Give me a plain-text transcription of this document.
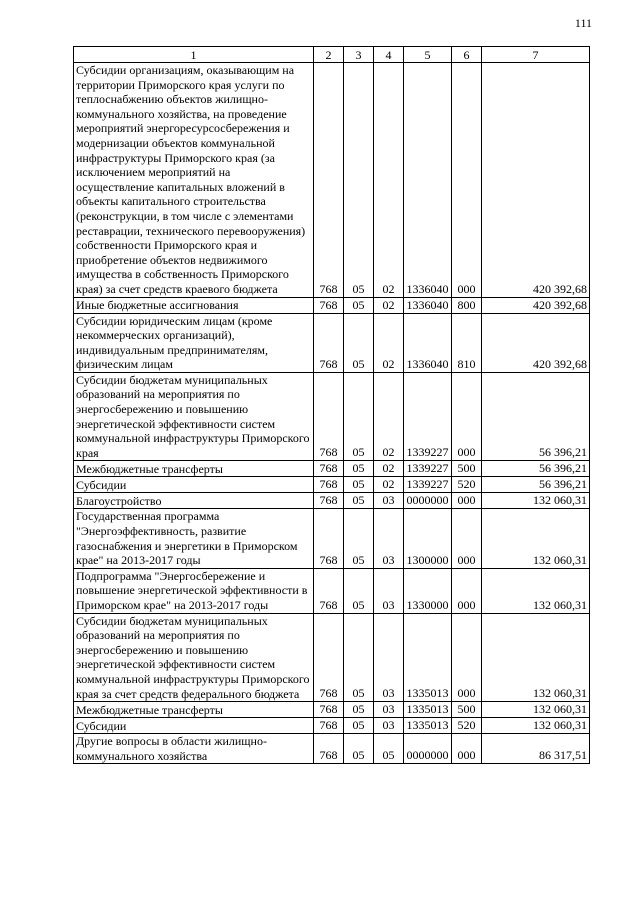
111
1	2	3	4	5	6	7
Субсидии организациям, оказывающим на территории Приморского края услуги по теплоснабжению объектов жилищно-коммунального хозяйства, на проведение мероприятий энергоресурсосбережения и модернизации объектов коммунальной инфраструктуры Приморского края (за исключением мероприятий на осуществление капитальных вложений в объекты капитального строительства (реконструкции, в том числе с элементами реставрации, технического перевооружения) собственности Приморского края и приобретение объектов недвижимого имущества в собственность Приморского края) за счет средств краевого бюджета	768	05	02	1336040	000	420 392,68
Иные бюджетные ассигнования	768	05	02	1336040	800	420 392,68
Субсидии юридическим лицам (кроме некоммерческих организаций), индивидуальным предпринимателям, физическим лицам	768	05	02	1336040	810	420 392,68
Субсидии бюджетам муниципальных образований на мероприятия по энергосбережению и повышению энергетической эффективности систем коммунальной инфраструктуры Приморского края	768	05	02	1339227	000	56 396,21
Межбюджетные трансферты	768	05	02	1339227	500	56 396,21
Субсидии	768	05	02	1339227	520	56 396,21
Благоустройство	768	05	03	0000000	000	132 060,31
Государственная программа "Энергоэффективность, развитие газоснабжения и энергетики в Приморском крае" на 2013-2017 годы	768	05	03	1300000	000	132 060,31
Подпрограмма "Энергосбережение и повышение энергетической эффективности в Приморском крае" на 2013-2017 годы	768	05	03	1330000	000	132 060,31
Субсидии бюджетам муниципальных образований на мероприятия по энергосбережению и повышению энергетической эффективности систем коммунальной инфраструктуры Приморского края за счет средств федерального бюджета	768	05	03	1335013	000	132 060,31
Межбюджетные трансферты	768	05	03	1335013	500	132 060,31
Субсидии	768	05	03	1335013	520	132 060,31
Другие вопросы в области жилищно-коммунального хозяйства	768	05	05	0000000	000	86 317,51
